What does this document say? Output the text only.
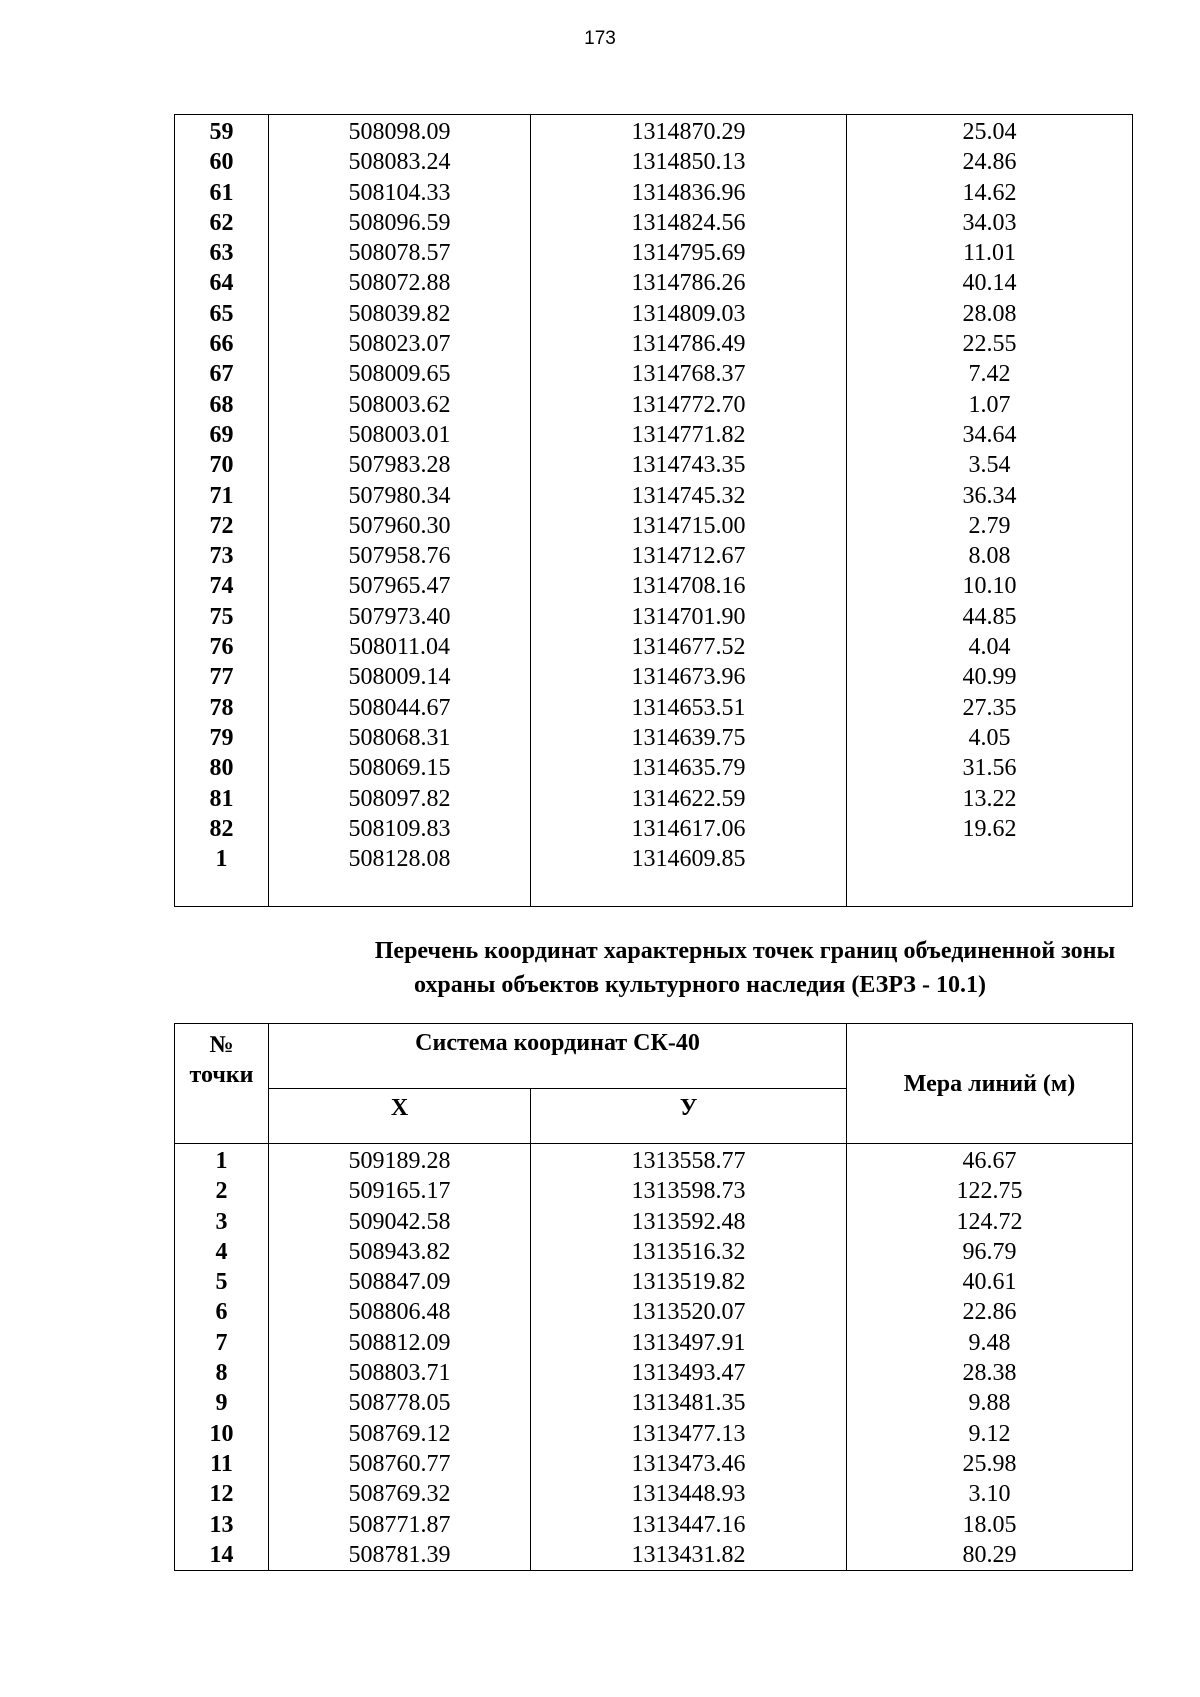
173
59	508098.09	1314870.29	25.04
60	508083.24	1314850.13	24.86
61	508104.33	1314836.96	14.62
62	508096.59	1314824.56	34.03
63	508078.57	1314795.69	11.01
64	508072.88	1314786.26	40.14
65	508039.82	1314809.03	28.08
66	508023.07	1314786.49	22.55
67	508009.65	1314768.37	7.42
68	508003.62	1314772.70	1.07
69	508003.01	1314771.82	34.64
70	507983.28	1314743.35	3.54
71	507980.34	1314745.32	36.34
72	507960.30	1314715.00	2.79
73	507958.76	1314712.67	8.08
74	507965.47	1314708.16	10.10
75	507973.40	1314701.90	44.85
76	508011.04	1314677.52	4.04
77	508009.14	1314673.96	40.99
78	508044.67	1314653.51	27.35
79	508068.31	1314639.75	4.05
80	508069.15	1314635.79	31.56
81	508097.82	1314622.59	13.22
82	508109.83	1314617.06	19.62
1	508128.08	1314609.85	

Перечень координат характерных точек границ объединенной зоны
охраны объектов культурного наследия (ЕЗРЗ - 10.1)
№
точки	Система координат СК-40		Мера линий (м)
	X	У	
1	509189.28	1313558.77	46.67
2	509165.17	1313598.73	122.75
3	509042.58	1313592.48	124.72
4	508943.82	1313516.32	96.79
5	508847.09	1313519.82	40.61
6	508806.48	1313520.07	22.86
7	508812.09	1313497.91	9.48
8	508803.71	1313493.47	28.38
9	508778.05	1313481.35	9.88
10	508769.12	1313477.13	9.12
11	508760.77	1313473.46	25.98
12	508769.32	1313448.93	3.10
13	508771.87	1313447.16	18.05
14	508781.39	1313431.82	80.29
